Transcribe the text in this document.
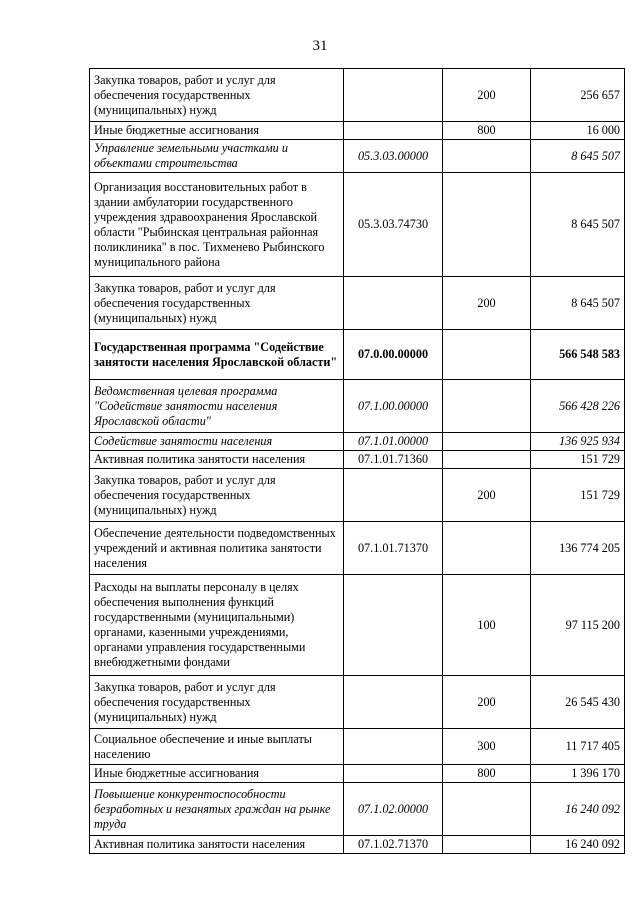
31
Закупка товаров, работ и услуг для обеспечения государственных (муниципальных) нужд		200	256 657
Иные бюджетные ассигнования		800	16 000
Управление земельными участками и объектами строительства	05.3.03.00000		8 645 507
Организация восстановительных работ в здании амбулатории государственного учреждения здравоохранения Ярославской области "Рыбинская центральная районная поликлиника" в пос. Тихменево Рыбинского муниципального района	05.3.03.74730		8 645 507
Закупка товаров, работ и услуг для обеспечения государственных (муниципальных) нужд		200	8 645 507
Государственная программа "Содействие занятости населения Ярославской области"	07.0.00.00000		566 548 583
Ведомственная целевая программа "Содействие занятости населения Ярославской области"	07.1.00.00000		566 428 226
Содействие занятости населения	07.1.01.00000		136 925 934
Активная политика занятости населения	07.1.01.71360		151 729
Закупка товаров, работ и услуг для обеспечения государственных (муниципальных) нужд		200	151 729
Обеспечение деятельности подведомственных учреждений и активная политика занятости населения	07.1.01.71370		136 774 205
Расходы на выплаты персоналу в целях обеспечения выполнения функций государственными (муниципальными) органами, казенными учреждениями, органами управления государственными внебюджетными фондами		100	97 115 200
Закупка товаров, работ и услуг для обеспечения государственных (муниципальных) нужд		200	26 545 430
Социальное обеспечение и иные выплаты населению		300	11 717 405
Иные бюджетные ассигнования		800	1 396 170
Повышение конкурентоспособности безработных и незанятых граждан на рынке труда	07.1.02.00000		16 240 092
Активная политика занятости населения	07.1.02.71370		16 240 092
